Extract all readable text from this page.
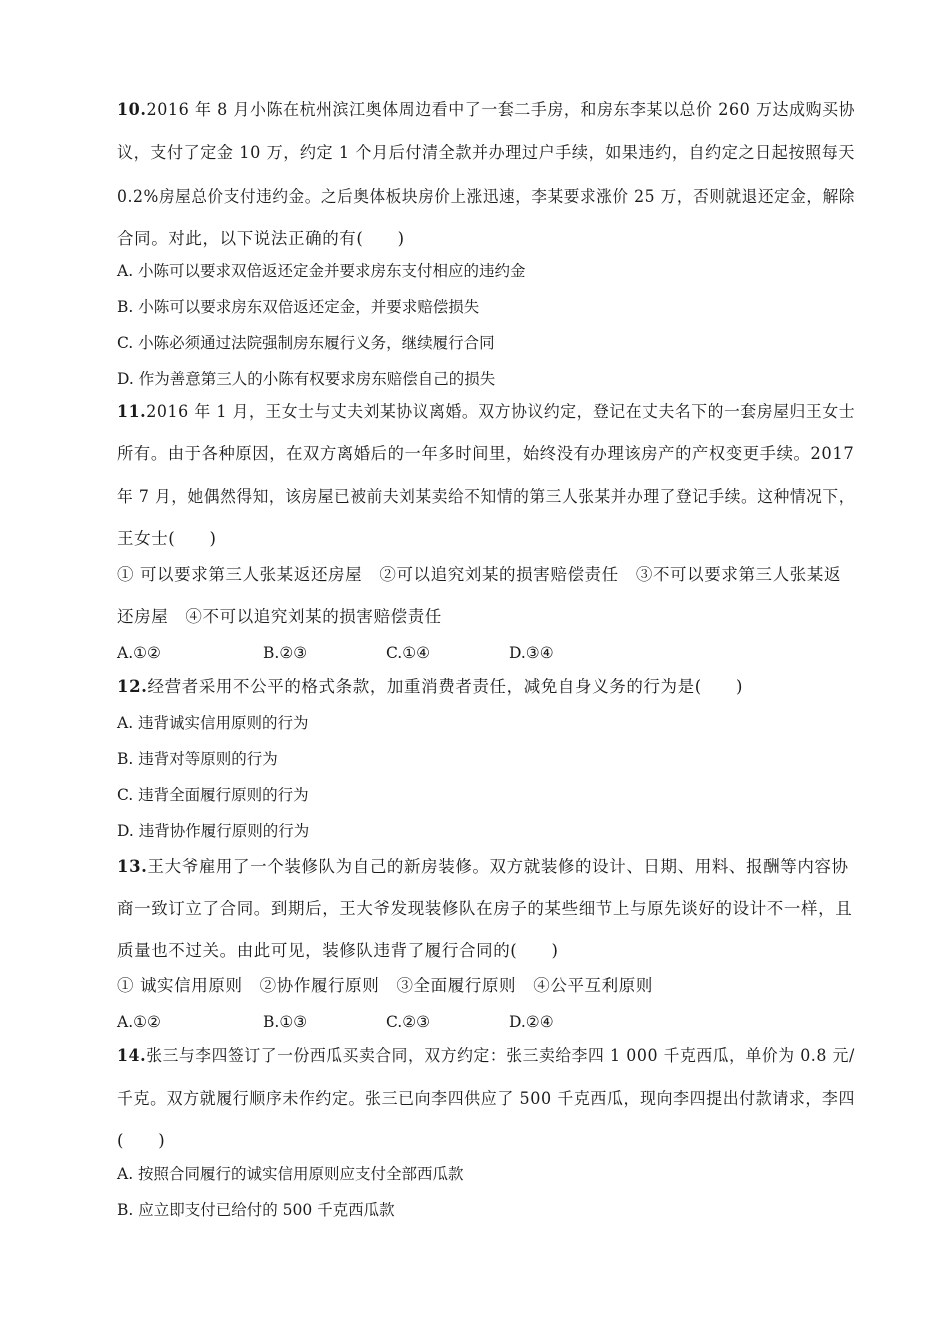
10.2016 年 8 月小陈在杭州滨江奥体周边看中了一套二手房，和房东李某以总价 260 万达成购买协
议，支付了定金 10 万，约定 1 个月后付清全款并办理过户手续，如果违约，自约定之日起按照每天
0.2%房屋总价支付违约金。之后奥体板块房价上涨迅速，李某要求涨价 25 万，否则就退还定金，解除
合同。对此，以下说法正确的有(　　)
A. 小陈可以要求双倍返还定金并要求房东支付相应的违约金
B. 小陈可以要求房东双倍返还定金，并要求赔偿损失
C. 小陈必须通过法院强制房东履行义务，继续履行合同
D. 作为善意第三人的小陈有权要求房东赔偿自己的损失
11.2016 年 1 月，王女士与丈夫刘某协议离婚。双方协议约定，登记在丈夫名下的一套房屋归王女士
所有。由于各种原因，在双方离婚后的一年多时间里，始终没有办理该房产的产权变更手续。2017
年 7 月，她偶然得知，该房屋已被前夫刘某卖给不知情的第三人张某并办理了登记手续。这种情况下，
王女士(　　)
① 可以要求第三人张某返还房屋　②可以追究刘某的损害赔偿责任　③不可以要求第三人张某返
还房屋　④不可以追究刘某的损害赔偿责任
A.①②	B.②③	C.①④	D.③④
12.经营者采用不公平的格式条款，加重消费者责任，减免自身义务的行为是(　　)
A. 违背诚实信用原则的行为
B. 违背对等原则的行为
C. 违背全面履行原则的行为
D. 违背协作履行原则的行为
13.王大爷雇用了一个装修队为自己的新房装修。双方就装修的设计、日期、用料、报酬等内容协
商一致订立了合同。到期后，王大爷发现装修队在房子的某些细节上与原先谈好的设计不一样，且
质量也不过关。由此可见，装修队违背了履行合同的(　　)
① 诚实信用原则　②协作履行原则　③全面履行原则　④公平互利原则
A.①②	B.①③	C.②③	D.②④
14.张三与李四签订了一份西瓜买卖合同，双方约定：张三卖给李四 1 000 千克西瓜，单价为 0.8 元/
千克。双方就履行顺序未作约定。张三已向李四供应了 500 千克西瓜，现向李四提出付款请求，李四
(　　)
A. 按照合同履行的诚实信用原则应支付全部西瓜款
B. 应立即支付已给付的 500 千克西瓜款
